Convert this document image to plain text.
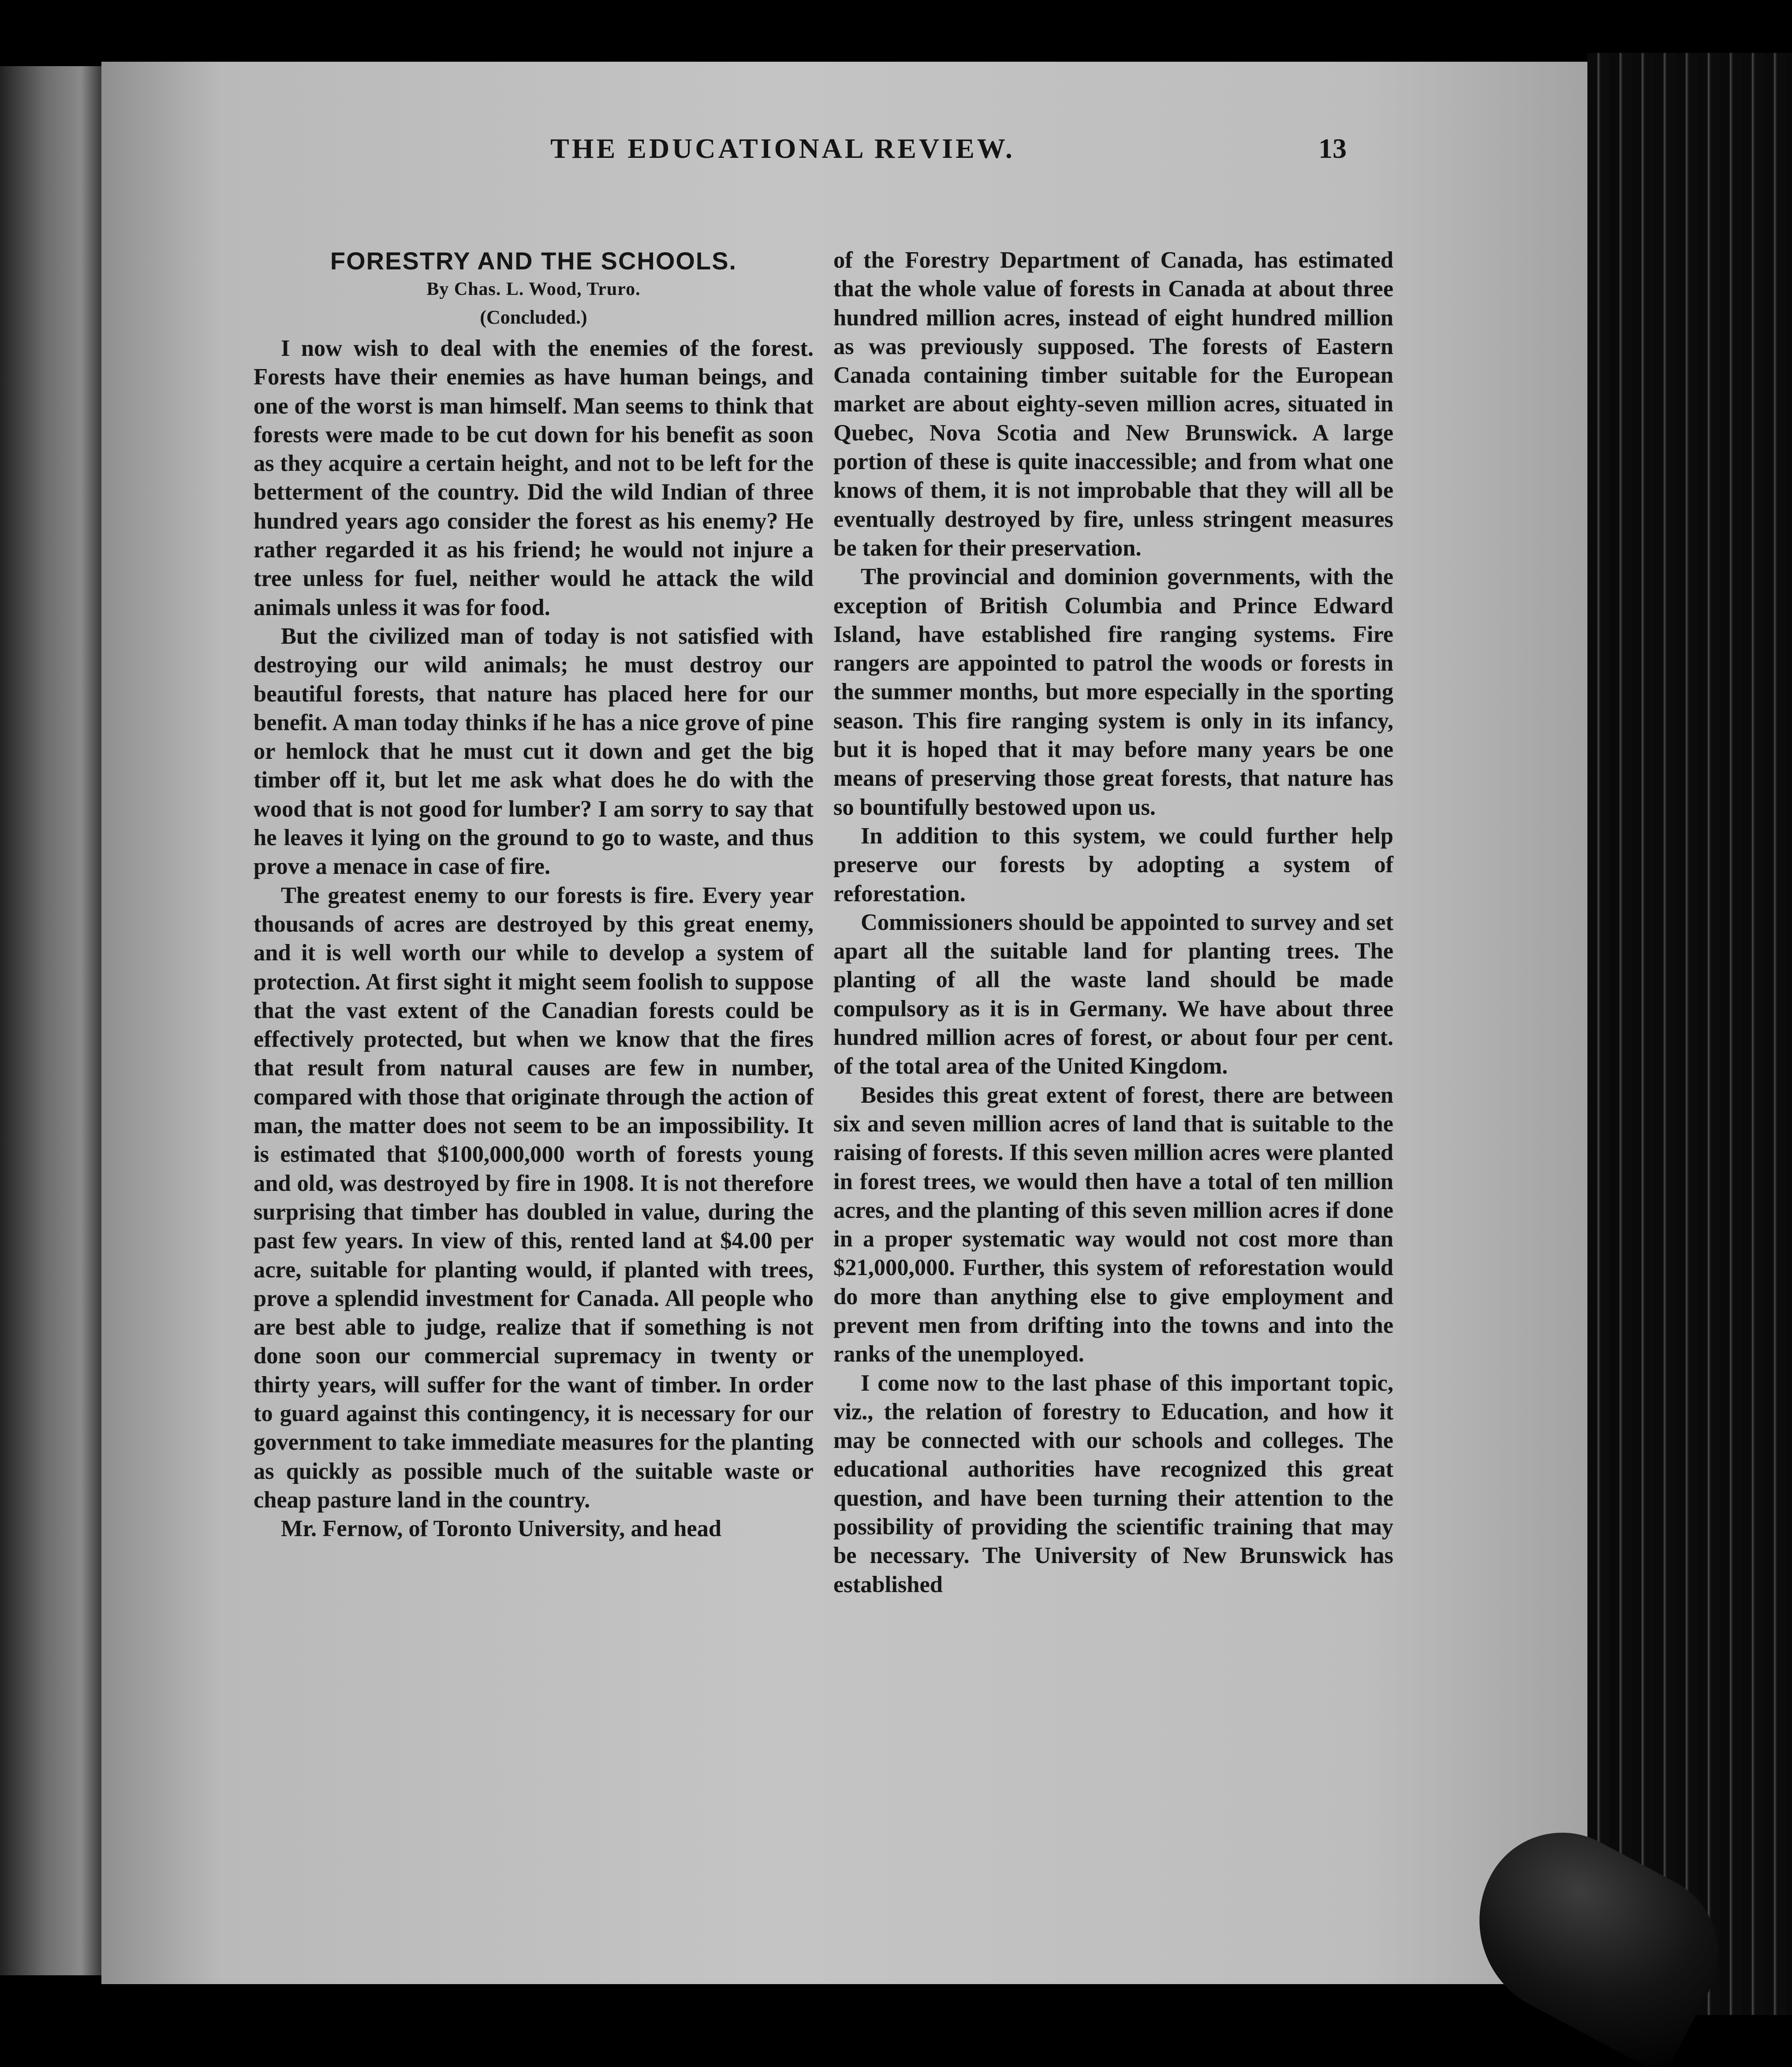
THE EDUCATIONAL REVIEW.	13
FORESTRY AND THE SCHOOLS.
By Chas. L. Wood, Truro.
(Concluded.)

I now wish to deal with the enemies of the forest. Forests have their enemies as have human beings, and one of the worst is man himself. Man seems to think that forests were made to be cut down for his benefit as soon as they acquire a certain height, and not to be left for the betterment of the country. Did the wild Indian of three hundred years ago consider the forest as his enemy? He rather regarded it as his friend; he would not injure a tree unless for fuel, neither would he attack the wild animals unless it was for food.

But the civilized man of today is not satisfied with destroying our wild animals; he must destroy our beautiful forests, that nature has placed here for our benefit. A man today thinks if he has a nice grove of pine or hemlock that he must cut it down and get the big timber off it, but let me ask what does he do with the wood that is not good for lumber? I am sorry to say that he leaves it lying on the ground to go to waste, and thus prove a menace in case of fire.

The greatest enemy to our forests is fire. Every year thousands of acres are destroyed by this great enemy, and it is well worth our while to develop a system of protection. At first sight it might seem foolish to suppose that the vast extent of the Canadian forests could be effectively protected, but when we know that the fires that result from natural causes are few in number, compared with those that originate through the action of man, the matter does not seem to be an impossibility. It is estimated that $100,000,000 worth of forests young and old, was destroyed by fire in 1908. It is not therefore surprising that timber has doubled in value, during the past few years. In view of this, rented land at $4.00 per acre, suitable for planting would, if planted with trees, prove a splendid investment for Canada. All people who are best able to judge, realize that if something is not done soon our commercial supremacy in twenty or thirty years, will suffer for the want of timber. In order to guard against this contingency, it is necessary for our government to take immediate measures for the planting as quickly as possible much of the suitable waste or cheap pasture land in the country.

Mr. Fernow, of Toronto University, and head

of the Forestry Department of Canada, has estimated that the whole value of forests in Canada at about three hundred million acres, instead of eight hundred million as was previously supposed. The forests of Eastern Canada containing timber suitable for the European market are about eighty-seven million acres, situated in Quebec, Nova Scotia and New Brunswick. A large portion of these is quite inaccessible; and from what one knows of them, it is not improbable that they will all be eventually destroyed by fire, unless stringent measures be taken for their preservation.

The provincial and dominion governments, with the exception of British Columbia and Prince Edward Island, have established fire ranging systems. Fire rangers are appointed to patrol the woods or forests in the summer months, but more especially in the sporting season. This fire ranging system is only in its infancy, but it is hoped that it may before many years be one means of preserving those great forests, that nature has so bountifully bestowed upon us.

In addition to this system, we could further help preserve our forests by adopting a system of reforestation.

Commissioners should be appointed to survey and set apart all the suitable land for planting trees. The planting of all the waste land should be made compulsory as it is in Germany. We have about three hundred million acres of forest, or about four per cent. of the total area of the United Kingdom.

Besides this great extent of forest, there are between six and seven million acres of land that is suitable to the raising of forests. If this seven million acres were planted in forest trees, we would then have a total of ten million acres, and the planting of this seven million acres if done in a proper systematic way would not cost more than $21,000,000. Further, this system of reforestation would do more than anything else to give employment and prevent men from drifting into the towns and into the ranks of the unemployed.

I come now to the last phase of this important topic, viz., the relation of forestry to Education, and how it may be connected with our schools and colleges. The educational authorities have recognized this great question, and have been turning their attention to the possibility of providing the scientific training that may be necessary. The University of New Brunswick has established
